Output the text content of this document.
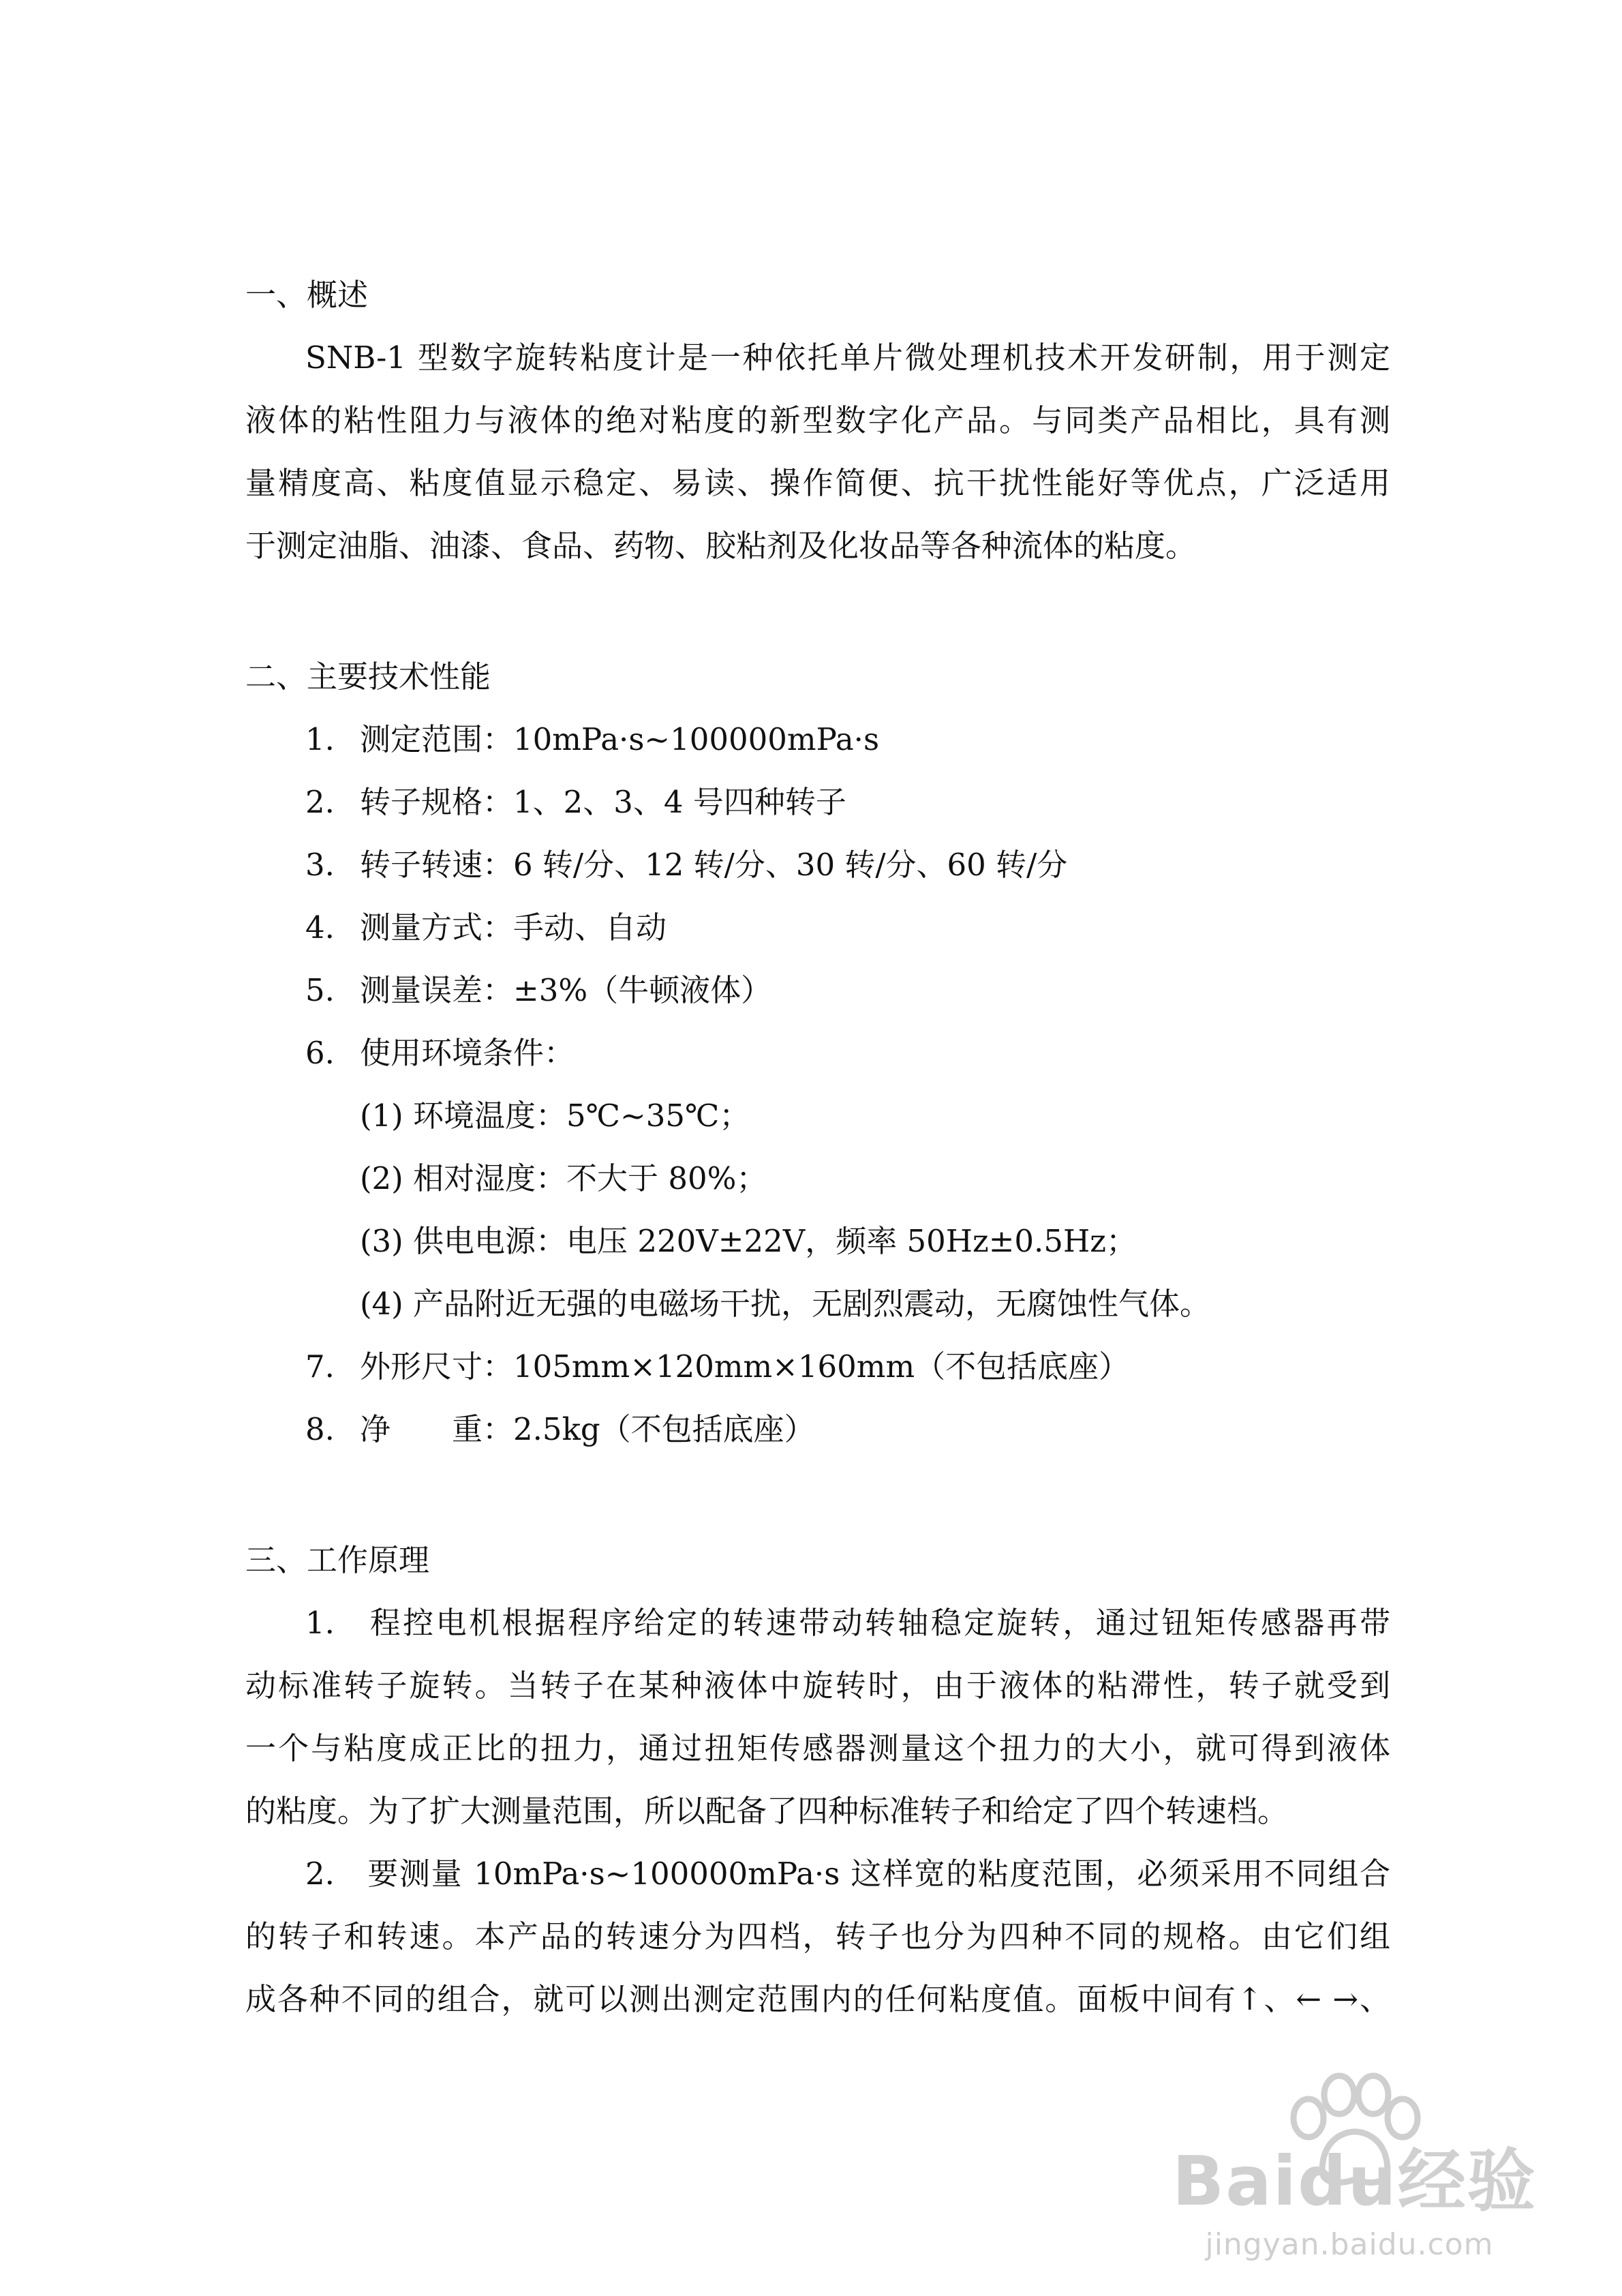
一、概述
SNB-1 型数字旋转粘度计是一种依托单片微处理机技术开发研制，用于测定
液体的粘性阻力与液体的绝对粘度的新型数字化产品。与同类产品相比，具有测
量精度高、粘度值显示稳定、易读、操作简便、抗干扰性能好等优点，广泛适用
于测定油脂、油漆、食品、药物、胶粘剂及化妆品等各种流体的粘度。
二、主要技术性能
1. 测定范围：10mPa·s~100000mPa·s
2. 转子规格：1、2、3、4 号四种转子
3. 转子转速：6 转/分、12 转/分、30 转/分、60 转/分
4. 测量方式：手动、自动
5. 测量误差：±3%（牛顿液体）
6. 使用环境条件：
(1) 环境温度：5℃~35℃；
(2) 相对湿度：不大于 80%；
(3) 供电电源：电压 220V±22V，频率 50Hz±0.5Hz；
(4) 产品附近无强的电磁场干扰，无剧烈震动，无腐蚀性气体。
7. 外形尺寸：105mm×120mm×160mm（不包括底座）
8. 净　　重：2.5kg（不包括底座）
三、工作原理
1.　程控电机根据程序给定的转速带动转轴稳定旋转，通过钮矩传感器再带
动标准转子旋转。当转子在某种液体中旋转时，由于液体的粘滞性，转子就受到
一个与粘度成正比的扭力，通过扭矩传感器测量这个扭力的大小，就可得到液体
的粘度。为了扩大测量范围，所以配备了四种标准转子和给定了四个转速档。
2.　要测量 10mPa·s~100000mPa·s 这样宽的粘度范围，必须采用不同组合
的转子和转速。本产品的转速分为四档，转子也分为四种不同的规格。由它们组
成各种不同的组合，就可以测出测定范围内的任何粘度值。面板中间有↑、← →、
Baidu经验
jingyan.baidu.com
